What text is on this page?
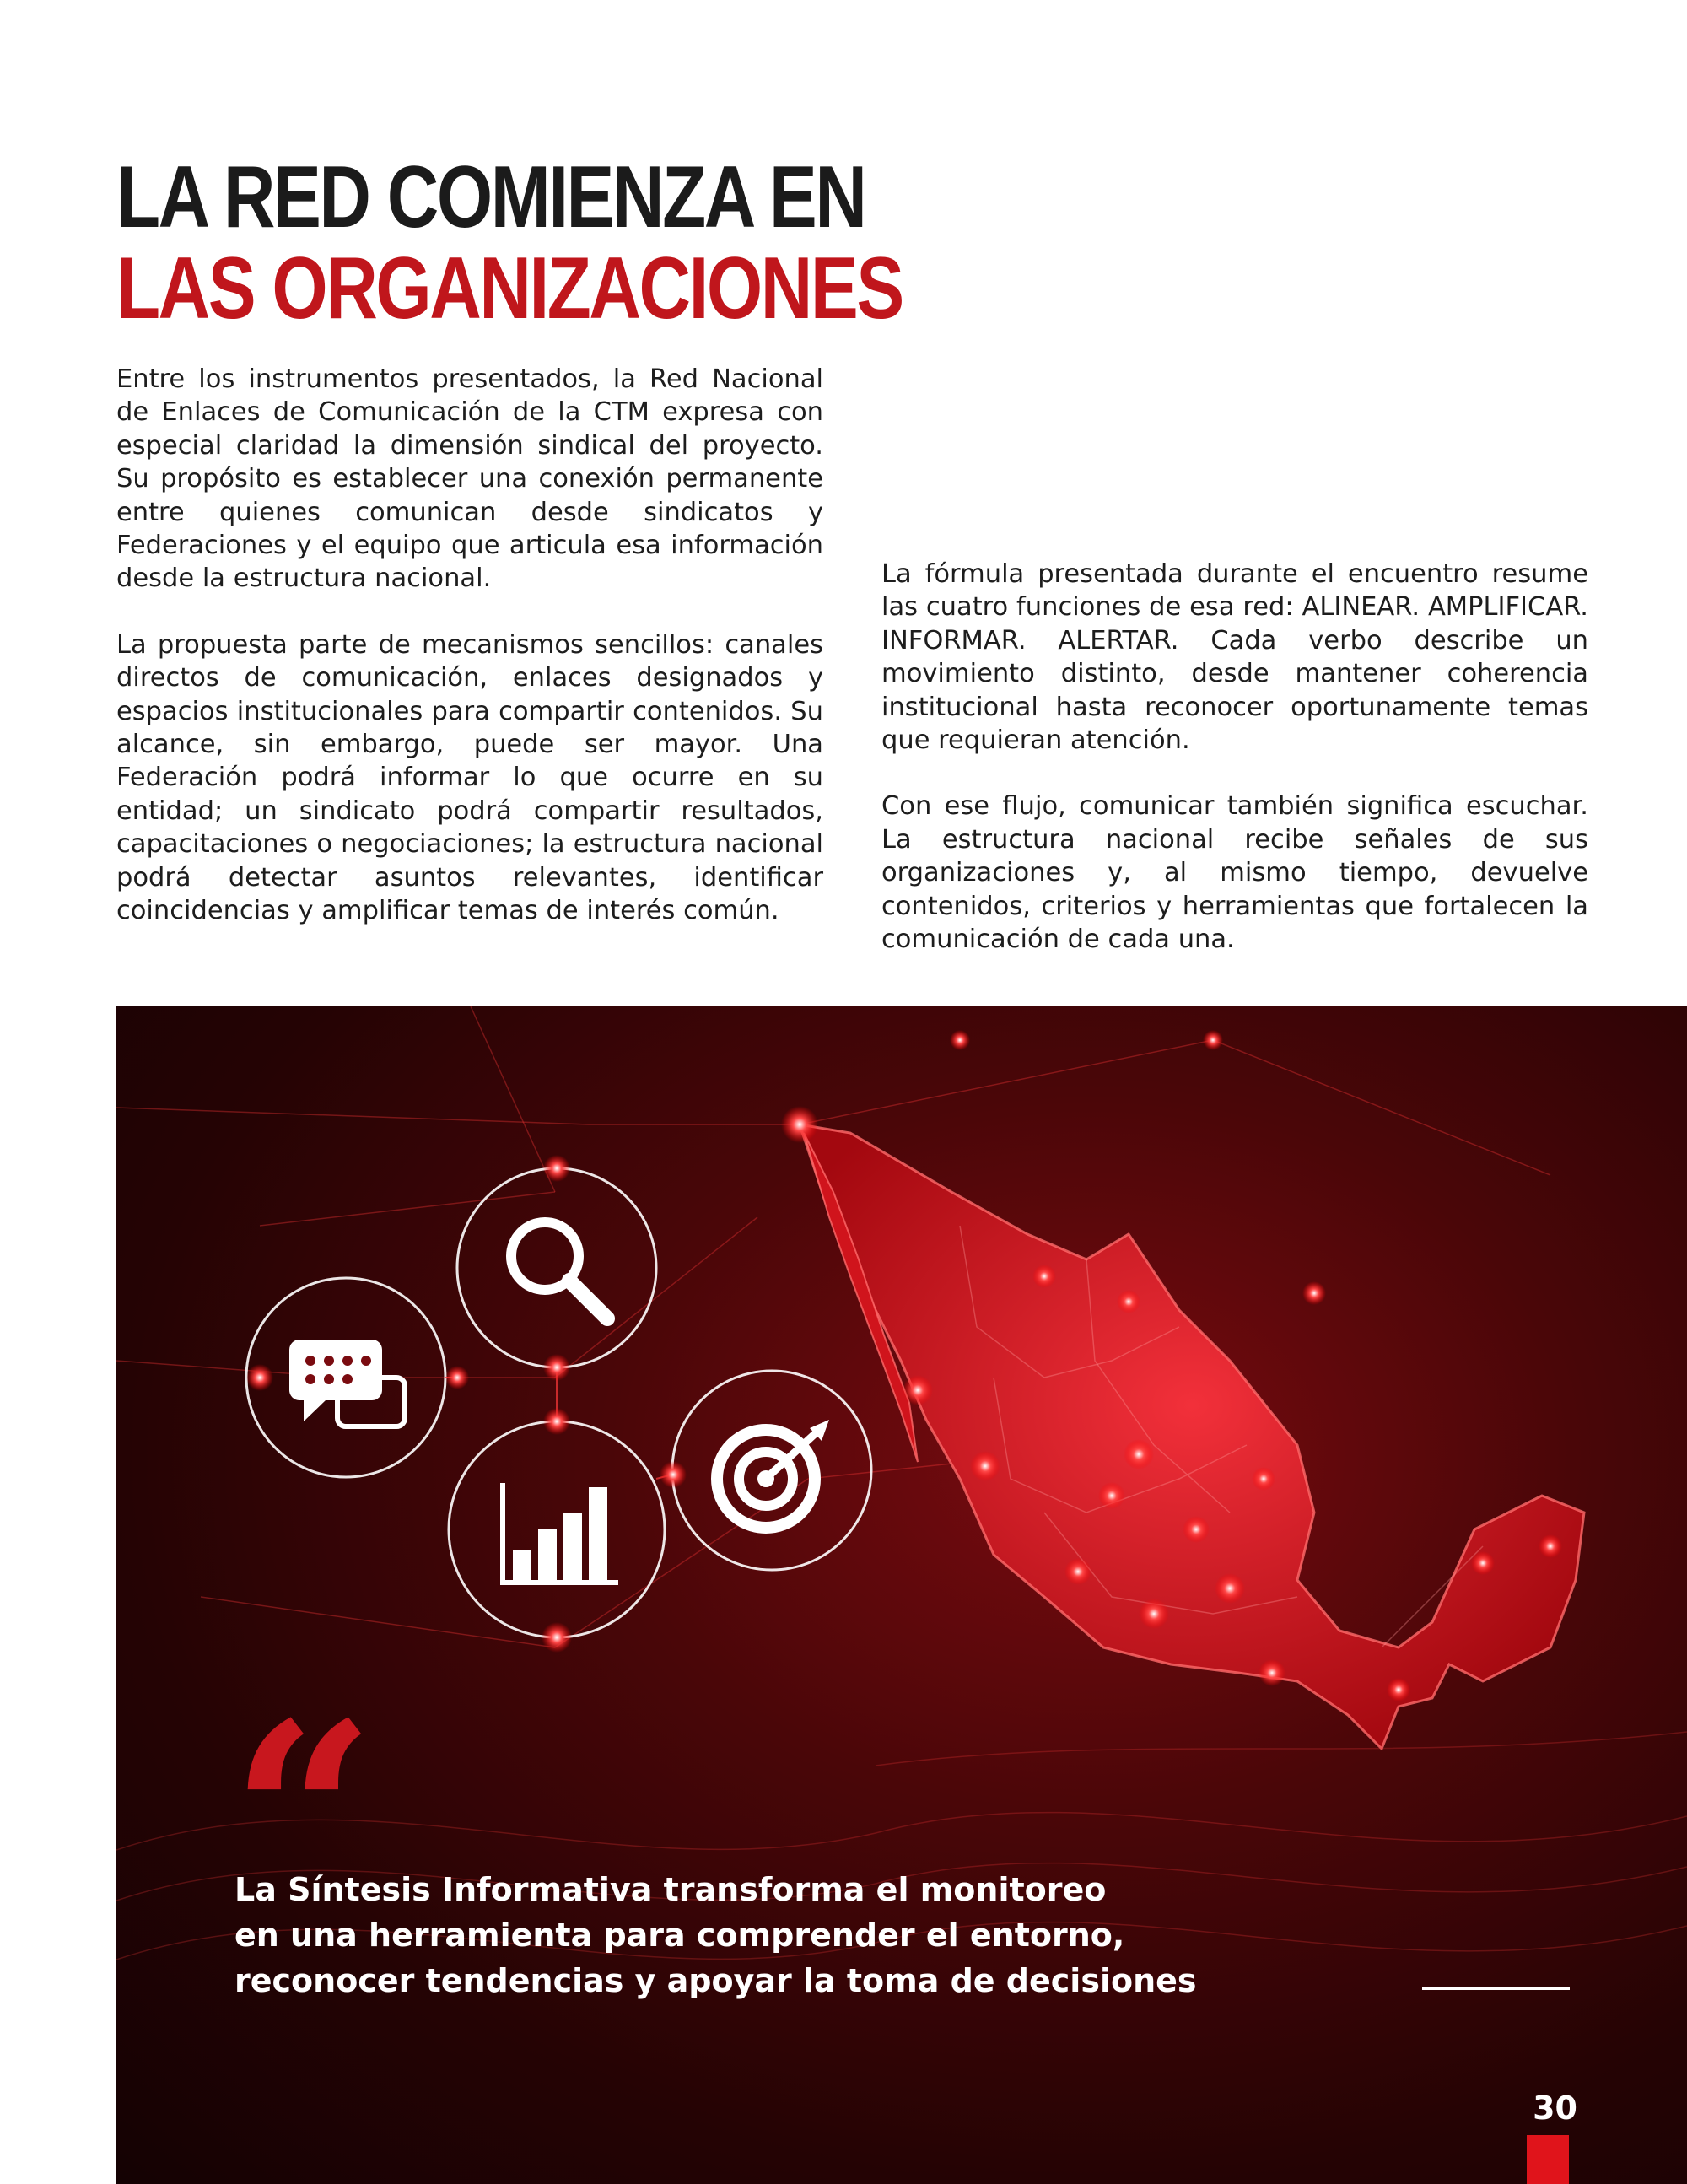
LA RED COMIENZA EN
LAS ORGANIZACIONES

Entre los instrumentos presentados, la Red Nacional de Enlaces de Comunicación de la CTM expresa con especial claridad la dimensión sindical del proyecto. Su propósito es establecer una conexión permanente entre quienes comunican desde sindicatos y Federaciones y el equipo que articula esa información desde la estructura nacional.

La propuesta parte de mecanismos sencillos: canales directos de comunicación, enlaces designados y espacios institucionales para compartir contenidos. Su alcance, sin embargo, puede ser mayor. Una Federación podrá informar lo que ocurre en su entidad; un sindicato podrá compartir resultados, capacitaciones o negociaciones; la estructura nacional podrá detectar asuntos relevantes, identificar coincidencias y amplificar temas de interés común.

La fórmula presentada durante el encuentro resume las cuatro funciones de esa red: ALINEAR. AMPLIFICAR. INFORMAR. ALERTAR. Cada verbo describe un movimiento distinto, desde mantener coherencia institucional hasta reconocer oportunamente temas que requieran atención.

Con ese flujo, comunicar también significa escuchar. La estructura nacional recibe señales de sus organizaciones y, al mismo tiempo, devuelve contenidos, criterios y herramientas que fortalecen la comunicación de cada una.

“
La Síntesis Informativa transforma el monitoreo
en una herramienta para comprender el entorno,
reconocer tendencias y apoyar la toma de decisiones
30
